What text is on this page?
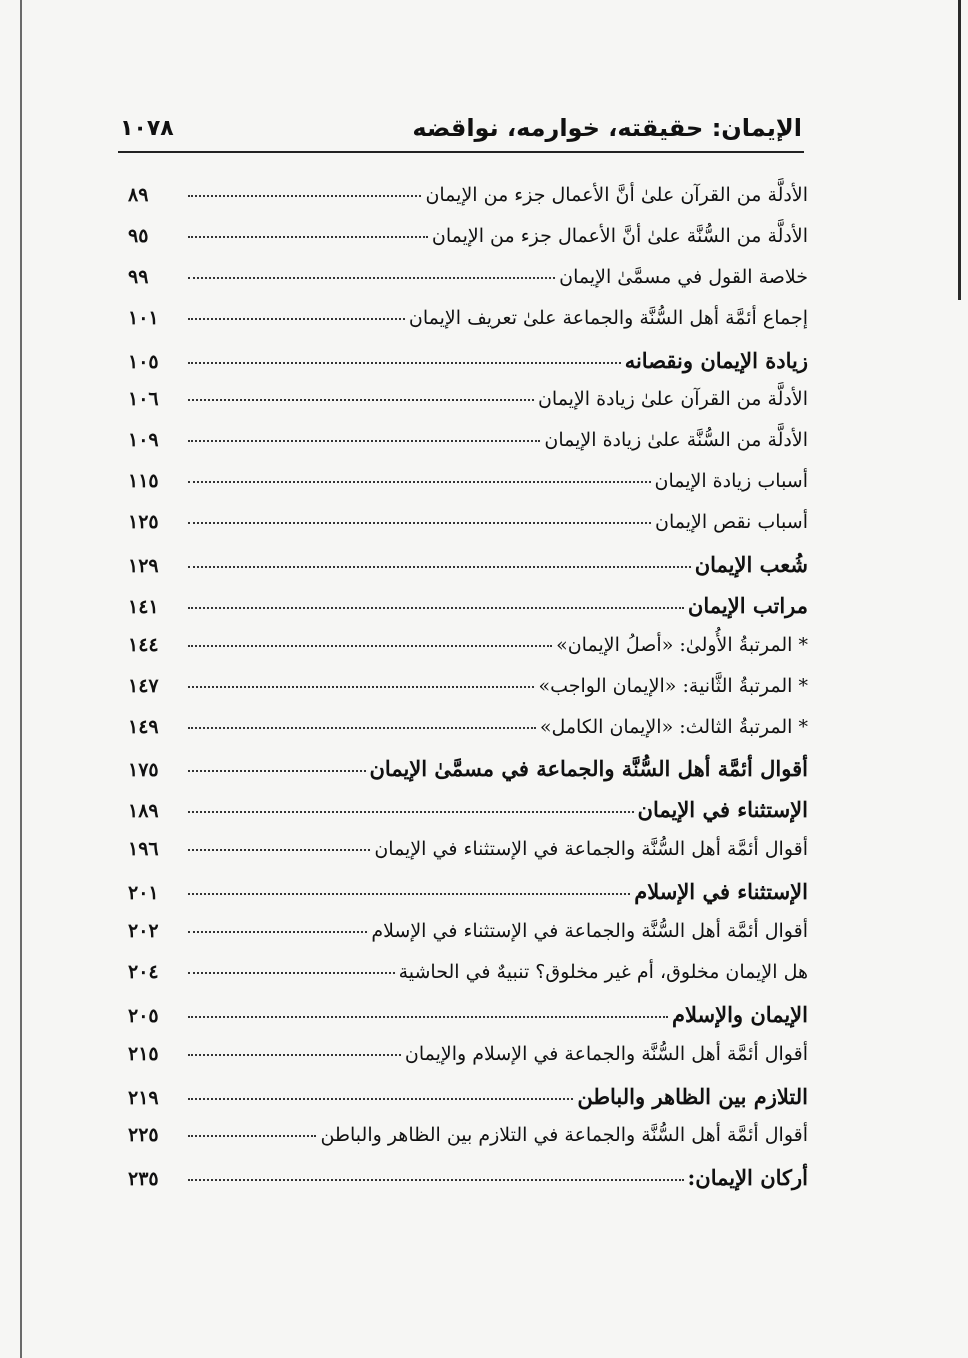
الإيمان: حقيقته، خوارمه، نواقضه
١٠٧٨
الأدلَّة من القرآن علىٰ أنَّ الأعمال جزء من الإيمان
٨٩
الأدلَّة من السُّنَّة علىٰ أنَّ الأعمال جزء من الإيمان
٩٥
خلاصة القول في مسمَّىٰ الإيمان
٩٩
إجماع أئمَّة أهل السُّنَّة والجماعة علىٰ تعريف الإيمان
١٠١
زيادة الإيمان ونقصانه
١٠٥
الأدلَّة من القرآن علىٰ زيادة الإيمان
١٠٦
الأدلَّة من السُّنَّة علىٰ زيادة الإيمان
١٠٩
أسباب زيادة الإيمان
١١٥
أسباب نقص الإيمان
١٢٥
شُعب الإيمان
١٢٩
مراتب الإيمان
١٤١
* المرتبةُ الأُولىٰ: «أصلُ الإيمان»
١٤٤
* المرتبةُ الثَّانية: «الإيمان الواجب»
١٤٧
* المرتبةُ الثالث: «الإيمان الكامل»
١٤٩
أقوال أئمَّة أهل السُّنَّة والجماعة في مسمَّىٰ الإيمان
١٧٥
الإستثناء في الإيمان
١٨٩
أقوال أئمَّة أهل السُّنَّة والجماعة في الإستثناء في الإيمان
١٩٦
الإستثناء في الإسلام
٢٠١
أقوال أئمَّة أهل السُّنَّة والجماعة في الإستثناء في الإسلام
٢٠٢
هل الإيمان مخلوق، أم غير مخلوق؟ تنبيهٌ في الحاشية
٢٠٤
الإيمان والإسلام
٢٠٥
أقوال أئمَّة أهل السُّنَّة والجماعة في الإسلام والإيمان
٢١٥
التلازم بين الظاهر والباطن
٢١٩
أقوال أئمَّة أهل السُّنَّة والجماعة في التلازم بين الظاهر والباطن
٢٢٥
أركان الإيمان:
٢٣٥
